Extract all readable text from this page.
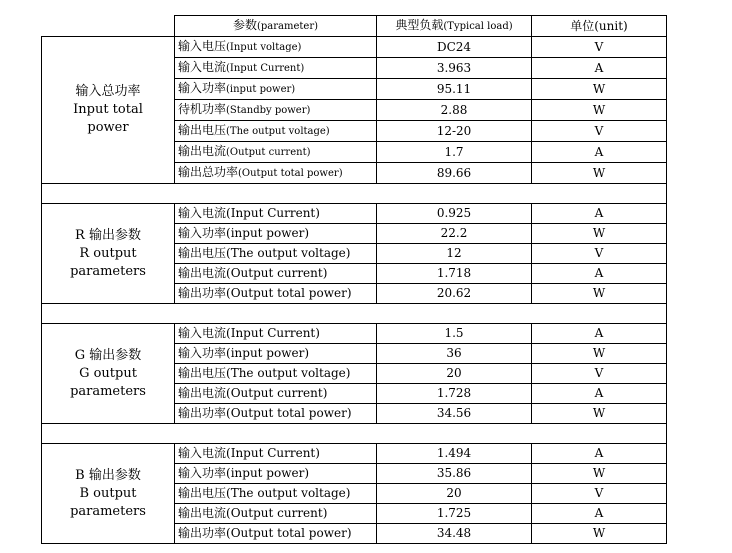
	参数(parameter)	典型负载(Typical load)	单位(unit)

输入总功率
Input total
power	输入电压(Input voltage)	DC24	V
	输入电流(Input Current)	3.963	A
	输入功率(input power)	95.11	W
	待机功率(Standby power)	2.88	W
	输出电压(The output voltage)	12-20	V
	输出电流(Output current)	1.7	A
	输出总功率(Output total power)	89.66	W

R 输出参数
R output
parameters	输入电流(Input Current)	0.925	A
	输入功率(input power)	22.2	W
	输出电压(The output voltage)	12	V
	输出电流(Output current)	1.718	A
	输出功率(Output total power)	20.62	W

G 输出参数
G output
parameters	输入电流(Input Current)	1.5	A
	输入功率(input power)	36	W
	输出电压(The output voltage)	20	V
	输出电流(Output current)	1.728	A
	输出功率(Output total power)	34.56	W

B 输出参数
B output
parameters	输入电流(Input Current)	1.494	A
	输入功率(input power)	35.86	W
	输出电压(The output voltage)	20	V
	输出电流(Output current)	1.725	A
	输出功率(Output total power)	34.48	W
